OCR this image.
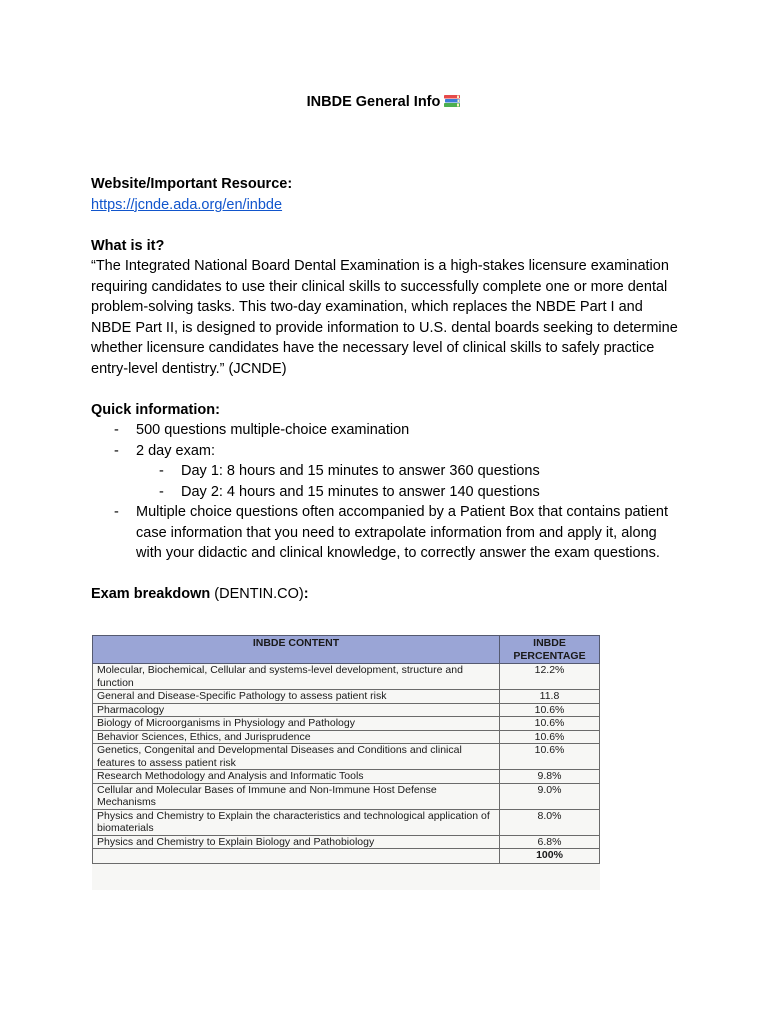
INBDE General Info
Website/Important Resource:
https://jcnde.ada.org/en/inbde
What is it?

“The Integrated National Board Dental Examination is a high-stakes licensure examination requiring candidates to use their clinical skills to successfully complete one or more dental problem-solving tasks. This two-day examination, which replaces the NBDE Part I and NBDE Part II, is designed to provide information to U.S. dental boards seeking to determine whether licensure candidates have the necessary level of clinical skills to safely practice entry-level dentistry.” (JCNDE)

Quick information:
- 500 questions multiple-choice examination
- 2 day exam:
- Day 1: 8 hours and 15 minutes to answer 360 questions
- Day 2: 4 hours and 15 minutes to answer 140 questions
- Multiple choice questions often accompanied by a Patient Box that contains patient case information that you need to extrapolate information from and apply it, along with your didactic and clinical knowledge, to correctly answer the exam questions.
Exam breakdown (DENTIN.CO):
INBDE CONTENT	INBDE PERCENTAGE
Molecular, Biochemical, Cellular and systems-level development, structure and function	12.2%
General and Disease-Specific Pathology to assess patient risk	11.8
Pharmacology	10.6%
Biology of Microorganisms in Physiology and Pathology	10.6%
Behavior Sciences, Ethics, and Jurisprudence	10.6%
Genetics, Congenital and Developmental Diseases and Conditions and clinical features to assess patient risk	10.6%
Research Methodology and Analysis and Informatic Tools	9.8%
Cellular and Molecular Bases of Immune and Non-Immune Host Defense Mechanisms	9.0%
Physics and Chemistry to Explain the characteristics and technological application of biomaterials	8.0%
Physics and Chemistry to Explain Biology and Pathobiology	6.8%
	100%
